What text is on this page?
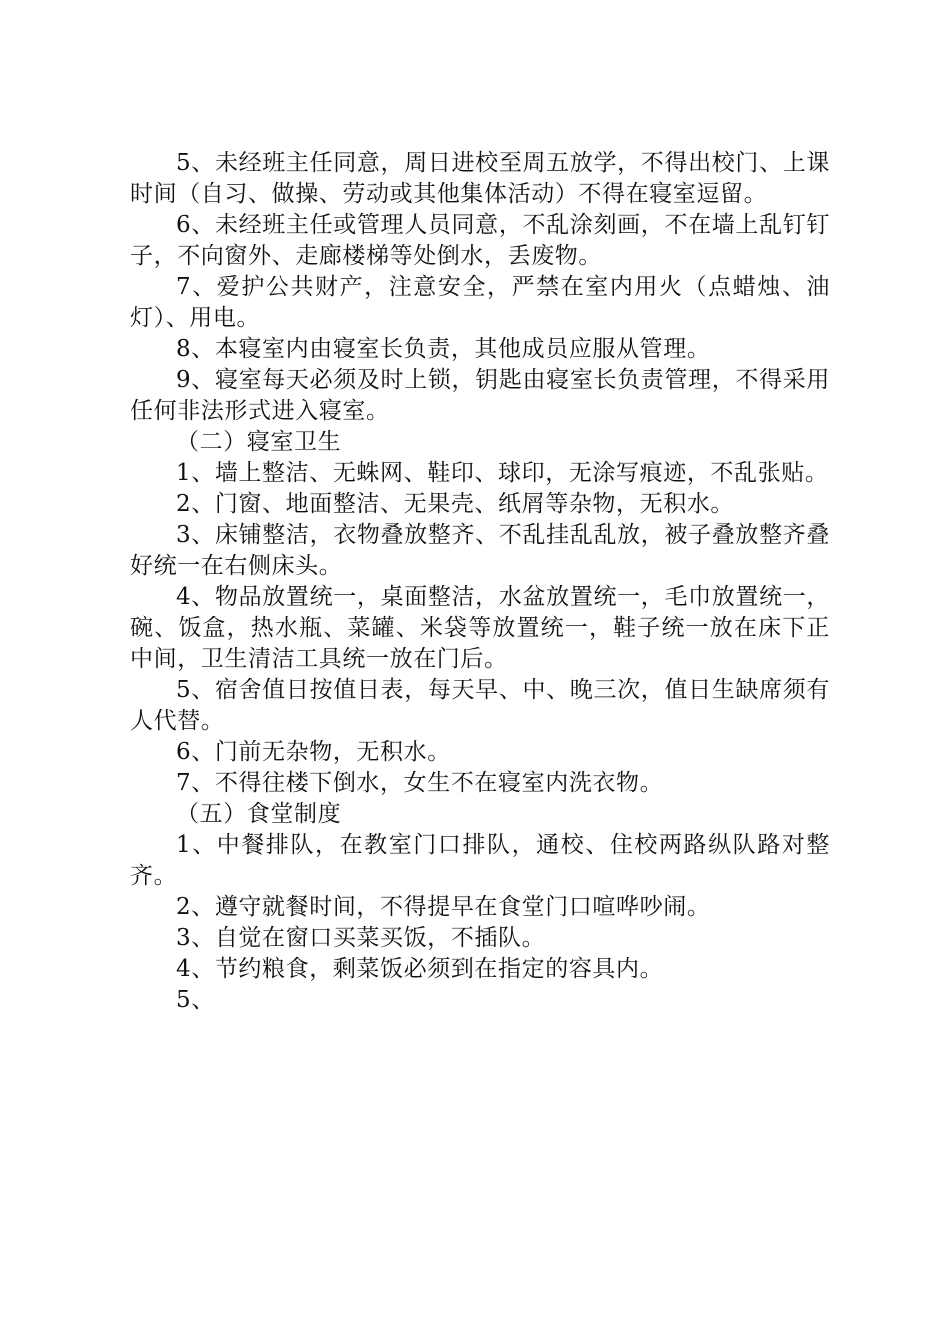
5、未经班主任同意，周日进校至周五放学，不得出校门、上课时间（自习、做操、劳动或其他集体活动）不得在寝室逗留。

6、未经班主任或管理人员同意，不乱涂刻画，不在墙上乱钉钉子，不向窗外、走廊楼梯等处倒水，丢废物。

7、爱护公共财产，注意安全，严禁在室内用火（点蜡烛、油灯）、用电。

8、本寝室内由寝室长负责，其他成员应服从管理。

9、寝室每天必须及时上锁，钥匙由寝室长负责管理，不得采用任何非法形式进入寝室。

（二）寝室卫生

1、墙上整洁、无蛛网、鞋印、球印，无涂写痕迹，不乱张贴。

2、门窗、地面整洁、无果壳、纸屑等杂物，无积水。

3、床铺整洁，衣物叠放整齐、不乱挂乱乱放，被子叠放整齐叠好统一在右侧床头。

4、物品放置统一，桌面整洁，水盆放置统一，毛巾放置统一，碗、饭盒，热水瓶、菜罐、米袋等放置统一，鞋子统一放在床下正中间，卫生清洁工具统一放在门后。

5、宿舍值日按值日表，每天早、中、晚三次，值日生缺席须有人代替。

6、门前无杂物，无积水。

7、不得往楼下倒水，女生不在寝室内洗衣物。

（五）食堂制度

1、中餐排队，在教室门口排队，通校、住校两路纵队路对整齐。

2、遵守就餐时间，不得提早在食堂门口喧哗吵闹。

3、自觉在窗口买菜买饭，不插队。

4、节约粮食，剩菜饭必须到在指定的容具内。

5、
